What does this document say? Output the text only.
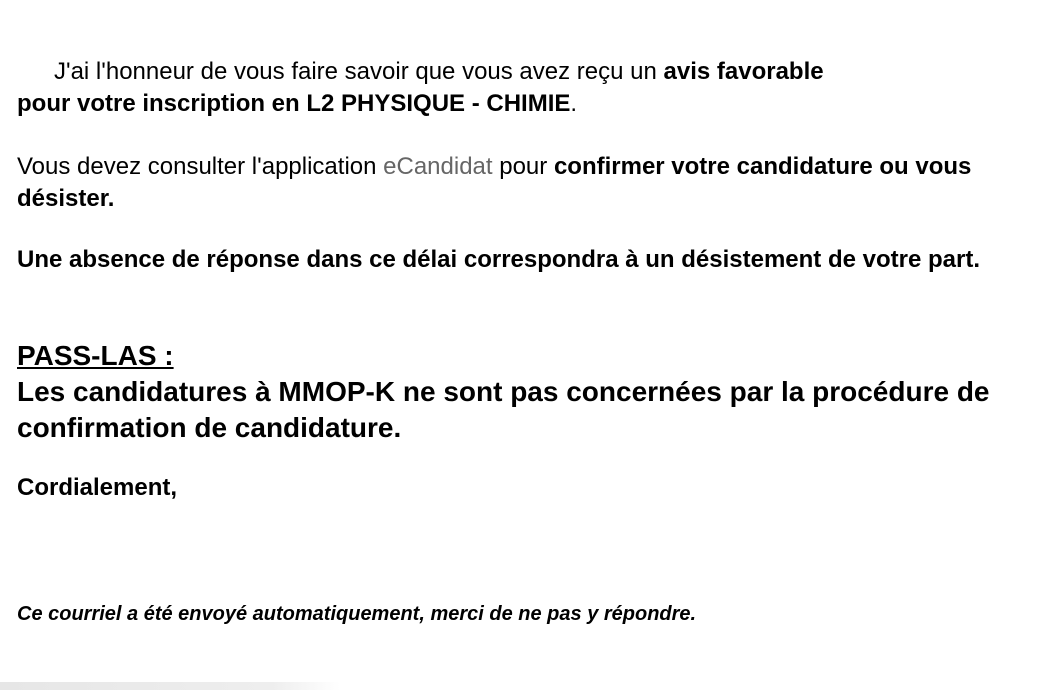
J'ai l'honneur de vous faire savoir que vous avez reçu un avis favorable
pour votre inscription en L2 PHYSIQUE - CHIMIE.

Vous devez consulter l'application eCandidat pour confirmer votre candidature ou vous désister.

Une absence de réponse dans ce délai correspondra à un désistement de votre part.

PASS-LAS :
Les candidatures à MMOP-K ne sont pas concernées par la procédure de confirmation de candidature.

Cordialement,

Ce courriel a été envoyé automatiquement, merci de ne pas y répondre.
